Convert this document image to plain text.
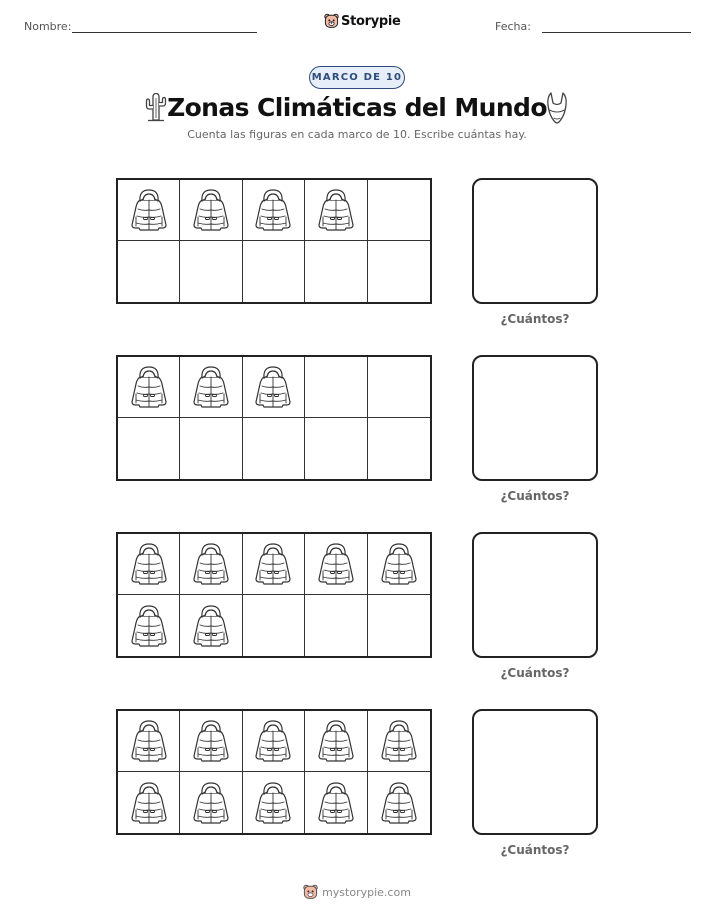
Nombre:	Storypie	Fecha:
MARCO DE 10
Zonas Climáticas del Mundo
Cuenta las figuras en cada marco de 10. Escribe cuántas hay.
¿Cuántos?
¿Cuántos?
¿Cuántos?
¿Cuántos?
mystorypie.com
